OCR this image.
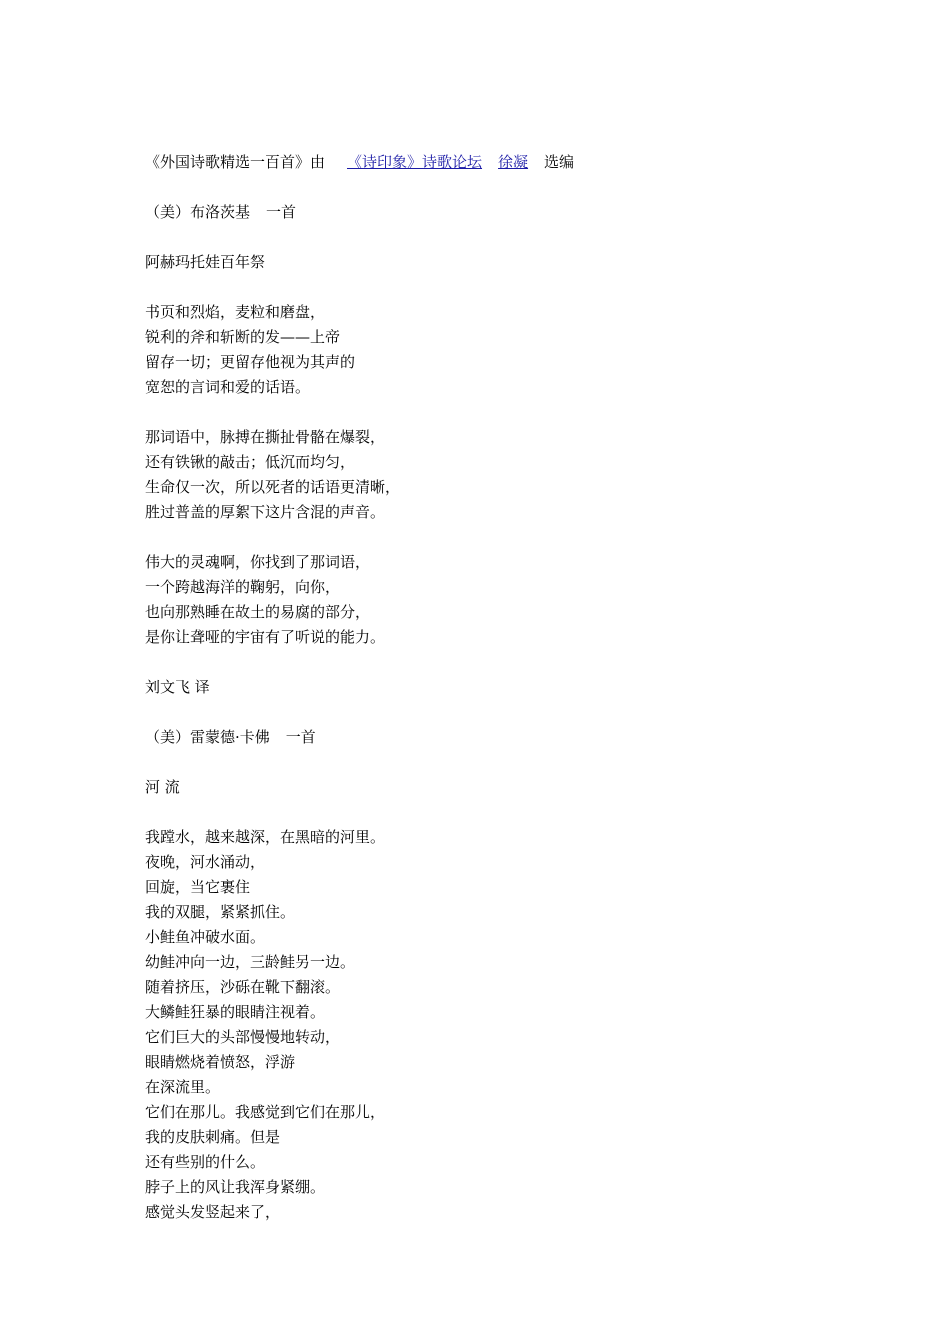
《外国诗歌精选一百首》由 《诗印象》诗歌论坛 徐凝 选编
（美）布洛茨基 一首
阿赫玛托娃百年祭
书页和烈焰，麦粒和磨盘，
锐利的斧和斩断的发——上帝
留存一切；更留存他视为其声的
宽恕的言词和爱的话语。
那词语中，脉搏在撕扯骨骼在爆裂，
还有铁锹的敲击；低沉而均匀，
生命仅一次，所以死者的话语更清晰，
胜过普盖的厚絮下这片含混的声音。
伟大的灵魂啊，你找到了那词语，
一个跨越海洋的鞠躬，向你，
也向那熟睡在故土的易腐的部分，
是你让聋哑的宇宙有了听说的能力。
刘文飞 译
（美）雷蒙德·卡佛 一首
河 流
我蹚水，越来越深，在黑暗的河里。
夜晚，河水涌动，
回旋，当它裹住
我的双腿，紧紧抓住。
小鲑鱼冲破水面。
幼鲑冲向一边，三龄鲑另一边。
随着挤压，沙砾在靴下翻滚。
大鳞鲑狂暴的眼睛注视着。
它们巨大的头部慢慢地转动，
眼睛燃烧着愤怒，浮游
在深流里。
它们在那儿。我感觉到它们在那儿，
我的皮肤刺痛。但是
还有些别的什么。
脖子上的风让我浑身紧绷。
感觉头发竖起来了，
